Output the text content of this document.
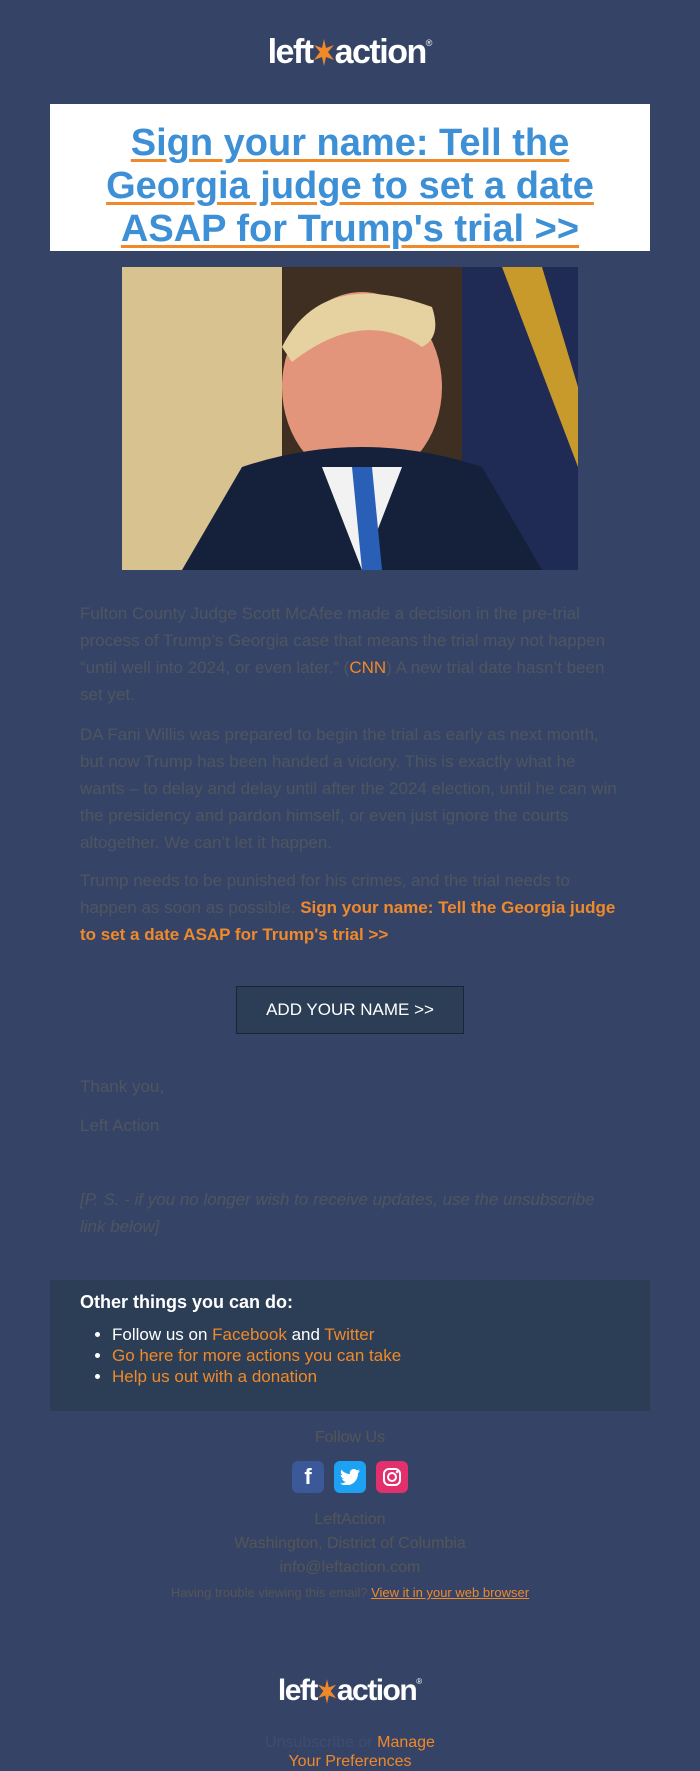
left action ®
Sign your name: Tell the Georgia judge to set a date ASAP for Trump's trial >>

Fulton County Judge Scott McAfee made a decision in the pre-trial process of Trump’s Georgia case that means the trial may not happen “until well into 2024, or even later.” (CNN) A new trial date hasn’t been set yet.

DA Fani Willis was prepared to begin the trial as early as next month, but now Trump has been handed a victory. This is exactly what he wants – to delay and delay until after the 2024 election, until he can win the presidency and pardon himself, or even just ignore the courts altogether. We can’t let it happen.

Trump needs to be punished for his crimes, and the trial needs to happen as soon as possible. Sign your name: Tell the Georgia judge to set a date ASAP for Trump's trial >>

ADD YOUR NAME >>

Thank you,

Left Action

[P. S. - if you no longer wish to receive updates, use the unsubscribe link below]

Other things you can do:
• Follow us on Facebook and Twitter
• Go here for more actions you can take
• Help us out with a donation
Follow Us
f
LeftAction
Washington, District of Columbia
info@leftaction.com
Having trouble viewing this email? View it in your web browser
left action ®
Unsubscribe or Manage
Your Preferences
